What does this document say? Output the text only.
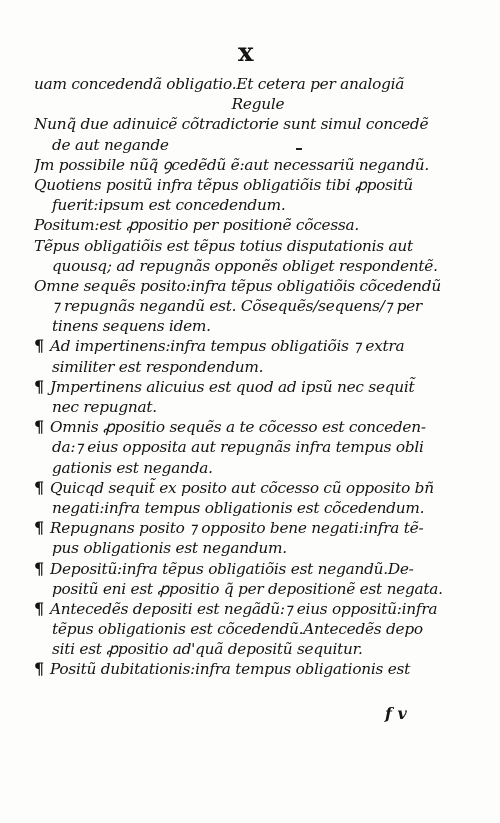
x
uam concedendã obligatio.Et cetera per analogiã
Regule
Nunq̃ due adinuicẽ cõtradictorie sunt simul concedẽ
de aut negande
Jm possibile nũq̃ ꝯcedẽdũ ẽ:aut necessariũ negandũ.
Quotiens positũ infra tẽpus obligatiõis tibi ꝓpositũ
fuerit:ipsum est concedendum.
Positum:est ꝓpositio per positionẽ cõcessa.
Tẽpus obligatiõis est tẽpus totius disputationis aut
quousq; ad repugnãs opponẽs obliget respondentẽ.
Omne sequẽs posito:infra tẽpus obligatiõis cõcedendũ
⁊ repugnãs negandũ est. Cõsequẽs/sequens/⁊ per
tinens sequens idem.
¶ Ad impertinens:infra tempus obligatiõis ⁊ extra
similiter est respondendum.
¶ Jmpertinens alicuius est quod ad ipsũ nec sequit̃
nec repugnat.
¶ Omnis ꝓpositio sequẽs a te cõcesso est conceden-
da:⁊ eius opposita aut repugnãs infra tempus obli
gationis est neganda.
¶ Quicqd sequit̃ ex posito aut cõcesso cũ opposito bñ
negati:infra tempus obligationis est cõcedendum.
¶ Repugnans posito ⁊ opposito bene negati:infra tẽ-
pus obligationis est negandum.
¶ Depositũ:infra tẽpus obligatiõis est negandũ.De-
positũ eni est ꝓpositio q̃ per depositionẽ est negata.
¶ Antecedẽs depositi est negãdũ:⁊ eius oppositũ:infra
tẽpus obligationis est cõcedendũ.Antecedẽs depo
siti est ꝓpositio ad'quã depositũ sequitur.
¶ Positũ dubitationis:infra tempus obligationis est
f v
